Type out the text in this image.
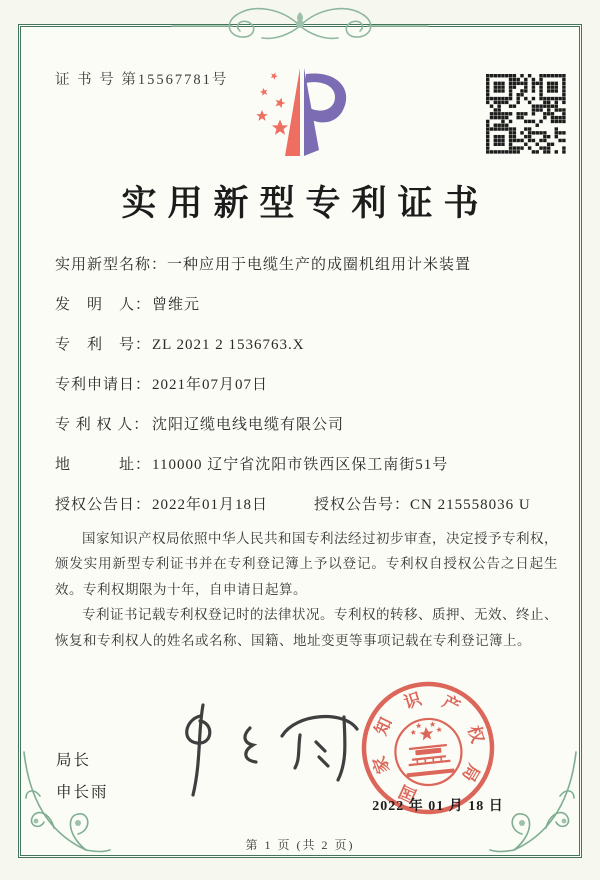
证 书 号 第15567781号
实用新型专利证书
实用新型名称：一种应用于电缆生产的成圈机组用计米装置
发　明　人：曾维元
专　利　号：ZL 2021 2 1536763.X
专利申请日：2021年07月07日
专 利 权 人： 沈阳辽缆电线电缆有限公司
地　　　址：110000 辽宁省沈阳市铁西区保工南街51号
授权公告日：2022年01月18日	授权公告号：CN 215558036 U

国家知识产权局依照中华人民共和国专利法经过初步审查，决定授予专利权，颁发实用新型专利证书并在专利登记簿上予以登记。专利权自授权公告之日起生效。专利权期限为十年，自申请日起算。

专利证书记载专利权登记时的法律状况。专利权的转移、质押、无效、终止、恢复和专利权人的姓名或名称、国籍、地址变更等事项记载在专利登记簿上。

局长
申长雨	国
家
知
识 产
权
局
2022 年 01 月 18 日
第 1 页 (共 2 页)
